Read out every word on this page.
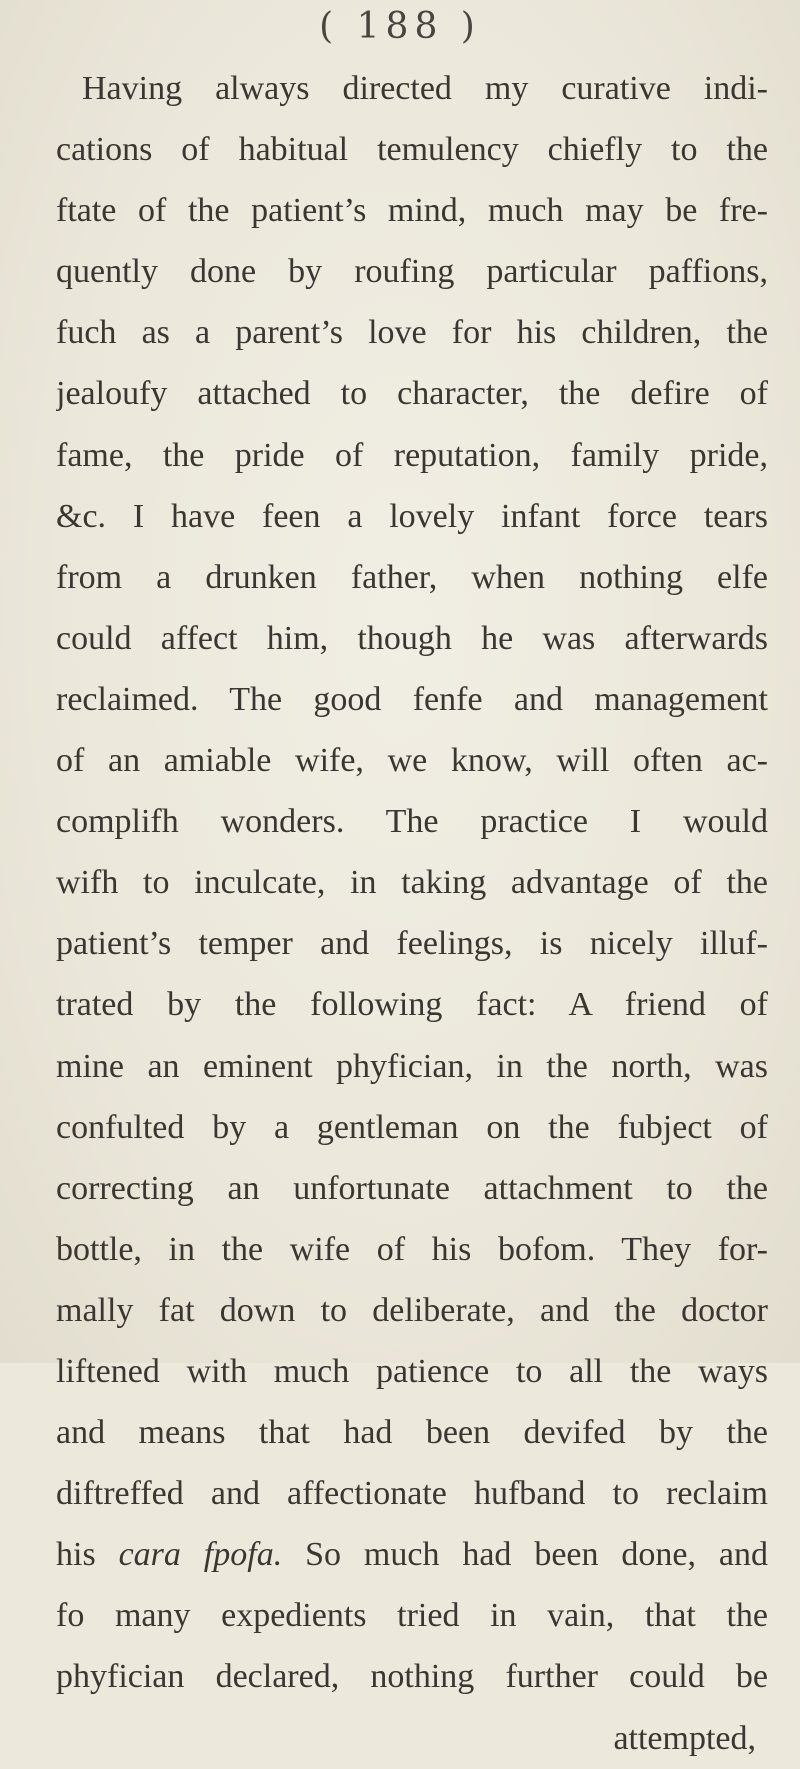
( 188 )
Having always directed my curative indi-
cations of habitual temulency chiefly to the
ftate of the patient’s mind, much may be fre-
quently done by roufing particular paffions,
fuch as a parent’s love for his children, the
jealoufy attached to character, the defire of
fame, the pride of reputation, family pride,
&c. I have feen a lovely infant force tears
from a drunken father, when nothing elfe
could affect him, though he was afterwards
reclaimed. The good fenfe and management
of an amiable wife, we know, will often ac-
complifh wonders. The practice I would
wifh to inculcate, in taking advantage of the
patient’s temper and feelings, is nicely illuf-
trated by the following fact: A friend of
mine an eminent phyfician, in the north, was
confulted by a gentleman on the fubject of
correcting an unfortunate attachment to the
bottle, in the wife of his bofom. They for-
mally fat down to deliberate, and the doctor
liftened with much patience to all the ways
and means that had been devifed by the
diftreffed and affectionate hufband to reclaim
his cara fpofa. So much had been done, and
fo many expedients tried in vain, that the
phyfician declared, nothing further could be
attempted,
